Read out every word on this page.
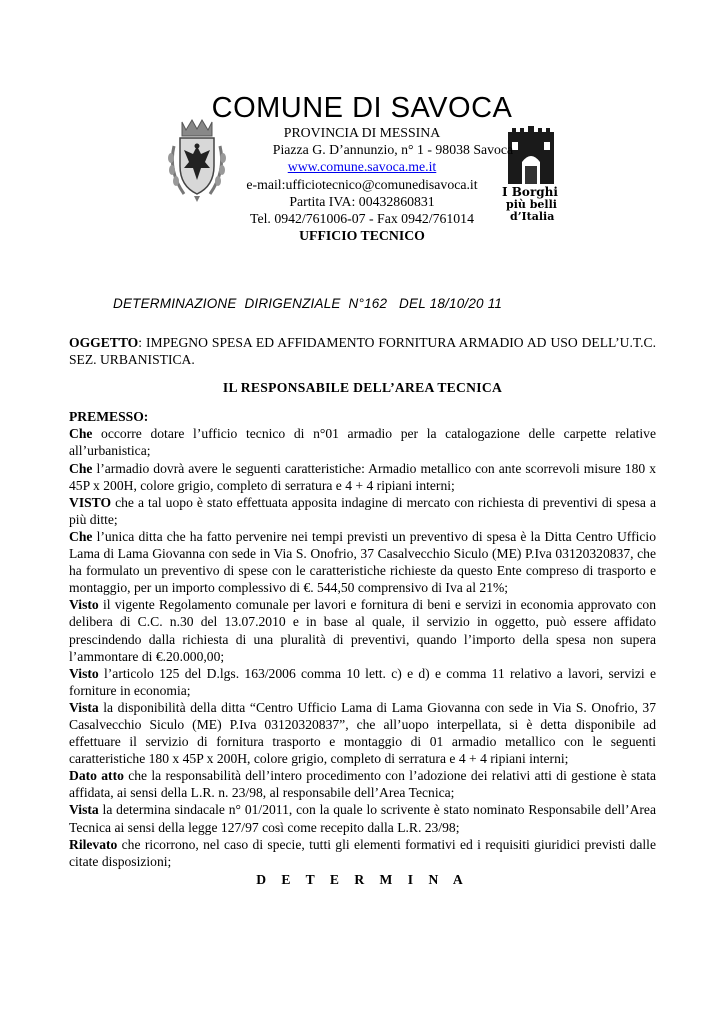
I Borghi
più belli
d’Italia
COMUNE DI SAVOCA
PROVINCIA DI MESSINA
Piazza G. D’annunzio, n° 1 - 98038 Savoca
www.comune.savoca.me.it
e-mail:ufficiotecnico@comunedisavoca.it
Partita IVA: 00432860831
Tel. 0942/761006-07 - Fax 0942/761014
UFFICIO TECNICO
DETERMINAZIONE  DIRIGENZIALE  N°162   DEL 18/10/20 11

OGGETTO: IMPEGNO SPESA ED AFFIDAMENTO FORNITURA ARMADIO AD USO DELL’U.T.C. SEZ. URBANISTICA.

IL RESPONSABILE DELL’AREA TECNICA

PREMESSO:

Che occorre dotare l’ufficio tecnico di n°01 armadio per la catalogazione delle carpette relative all’urbanistica;

Che l’armadio dovrà avere le seguenti caratteristiche: Armadio metallico con ante scorrevoli misure 180 x 45P x 200H, colore grigio, completo di serratura e 4 + 4 ripiani interni;

VISTO che a tal uopo è stato effettuata apposita indagine di mercato con richiesta di preventivi di spesa a più ditte;

Che l’unica ditta che ha fatto pervenire nei tempi previsti un preventivo di spesa è la Ditta Centro Ufficio Lama di Lama Giovanna con sede in Via S. Onofrio, 37 Casalvecchio Siculo (ME) P.Iva 03120320837, che ha formulato un preventivo di spese con le caratteristiche richieste da questo Ente compreso di trasporto e montaggio, per un importo complessivo di €. 544,50 comprensivo di Iva al 21%;

Visto il vigente Regolamento comunale per lavori e fornitura di beni e servizi in economia approvato con delibera di C.C. n.30 del 13.07.2010 e in base al quale, il servizio in oggetto, può essere affidato prescindendo dalla richiesta di una pluralità di preventivi, quando l’importo della spesa non supera l’ammontare di €.20.000,00;

Visto l’articolo 125 del D.lgs. 163/2006 comma 10 lett. c) e d) e comma 11 relativo a lavori, servizi e forniture in economia;

Vista la disponibilità della ditta “Centro Ufficio Lama di Lama Giovanna con sede in Via S. Onofrio, 37 Casalvecchio Siculo (ME) P.Iva 03120320837”, che all’uopo interpellata, si è detta disponibile ad effettuare il servizio di fornitura trasporto e montaggio di 01 armadio metallico con le seguenti caratteristiche 180 x 45P x 200H, colore grigio, completo di serratura e 4 + 4 ripiani interni;

Dato atto che la responsabilità dell’intero procedimento con l’adozione dei relativi atti di gestione è stata affidata, ai sensi della L.R. n. 23/98, al responsabile dell’Area Tecnica;

Vista la determina sindacale n° 01/2011, con la quale lo scrivente è stato nominato Responsabile dell’Area Tecnica ai sensi della legge 127/97 così come recepito dalla L.R. 23/98;

Rilevato che ricorrono, nel caso di specie, tutti gli elementi formativi ed i requisiti giuridici previsti dalle citate disposizioni;

D E T E R M I N A
